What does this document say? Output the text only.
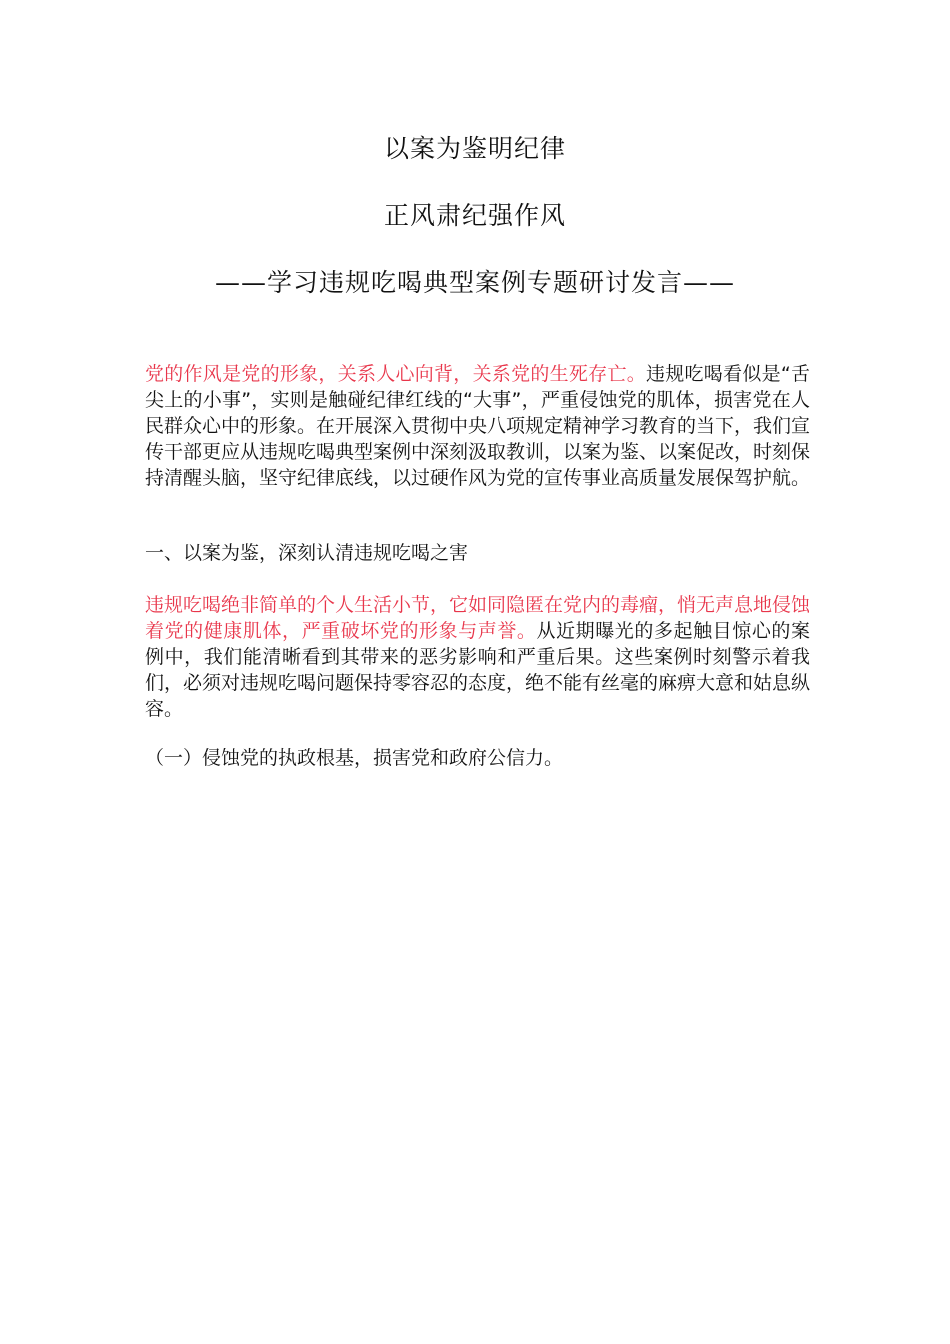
以案为鉴明纪律
正风肃纪强作风
——学习违规吃喝典型案例专题研讨发言——
党的作风是党的形象，关系人心向背，关系党的生死存亡。违规吃喝看似是“舌尖上的小事”，实则是触碰纪律红线的“大事”，严重侵蚀党的肌体，损害党在人民群众心中的形象。在开展深入贯彻中央八项规定精神学习教育的当下，我们宣传干部更应从违规吃喝典型案例中深刻汲取教训，以案为鉴、以案促改，时刻保持清醒头脑，坚守纪律底线，以过硬作风为党的宣传事业高质量发展保驾护航。
一、以案为鉴，深刻认清违规吃喝之害
违规吃喝绝非简单的个人生活小节，它如同隐匿在党内的毒瘤，悄无声息地侵蚀着党的健康肌体，严重破坏党的形象与声誉。从近期曝光的多起触目惊心的案例中，我们能清晰看到其带来的恶劣影响和严重后果。这些案例时刻警示着我们，必须对违规吃喝问题保持零容忍的态度，绝不能有丝毫的麻痹大意和姑息纵容。
（一）侵蚀党的执政根基，损害党和政府公信力。
